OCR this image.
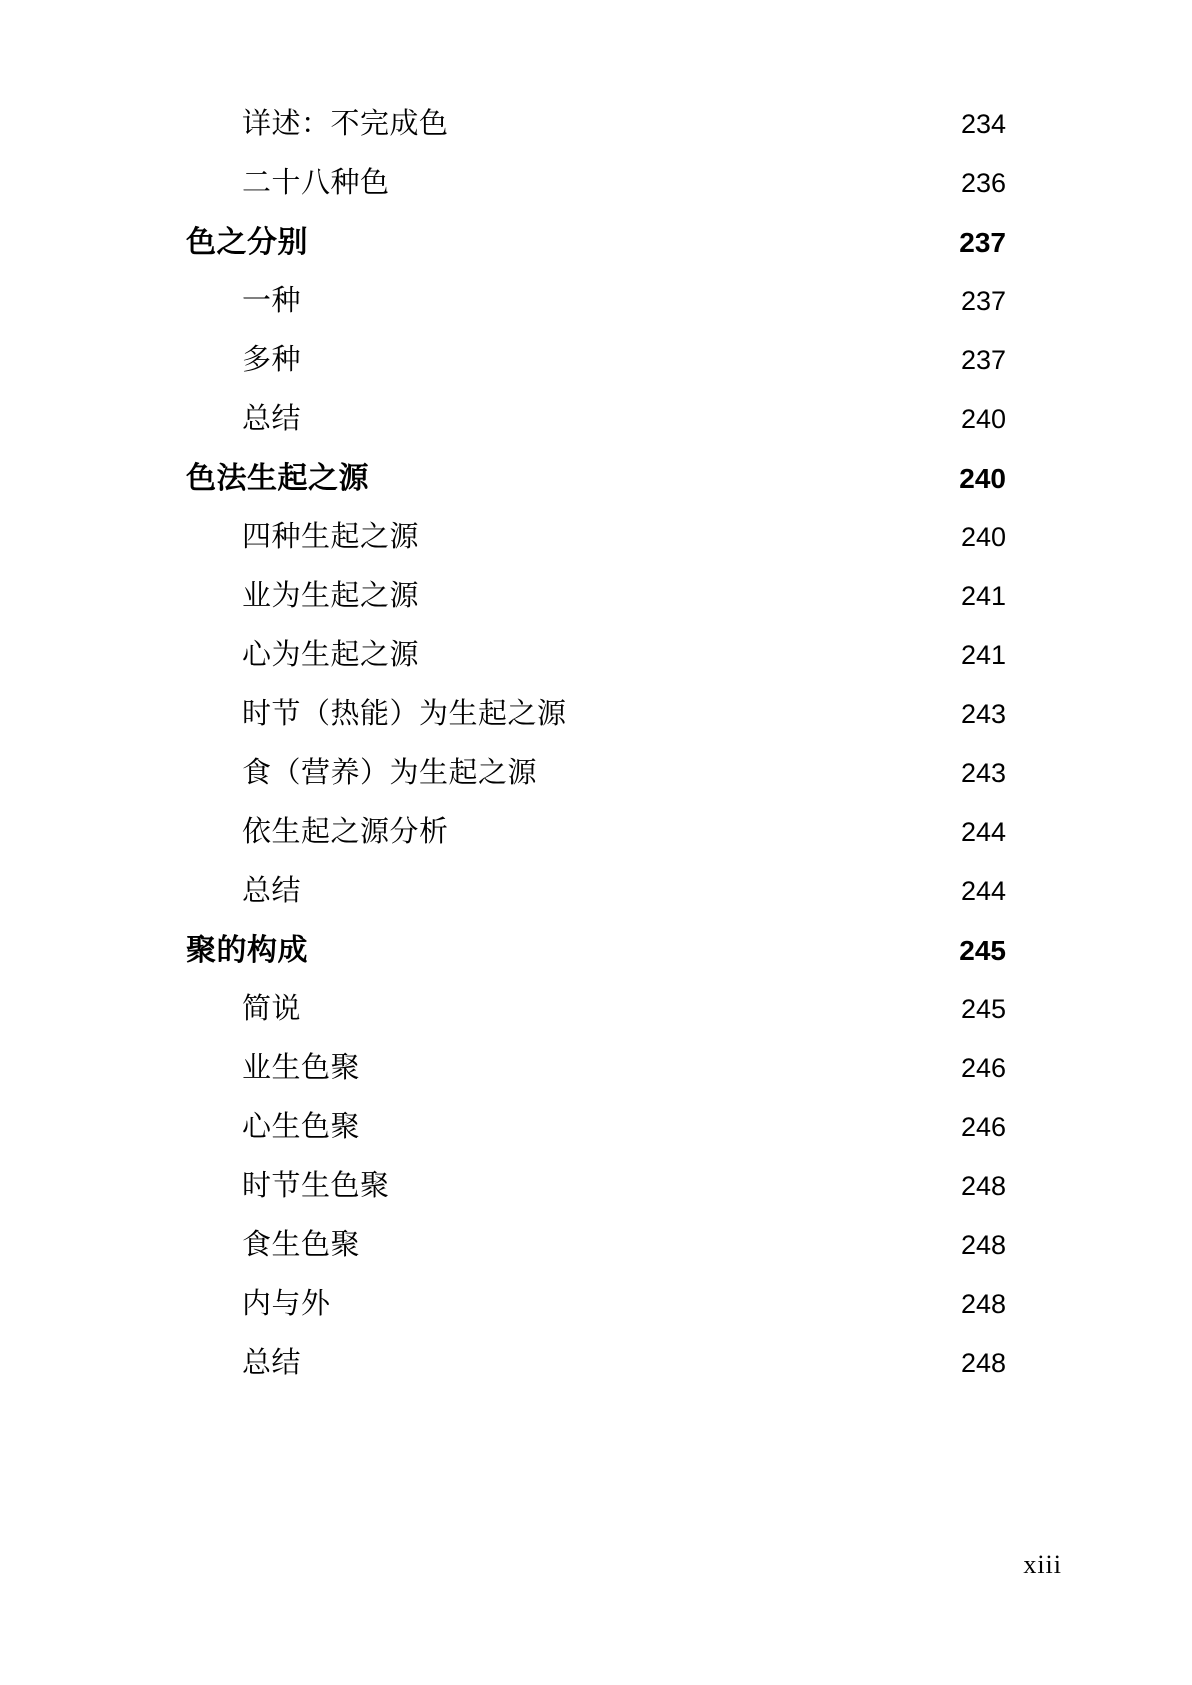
详述：不完成色	234
二十八种色	236
色之分别	237
一种	237
多种	237
总结	240
色法生起之源	240
四种生起之源	240
业为生起之源	241
心为生起之源	241
时节（热能）为生起之源	243
食（营养）为生起之源	243
依生起之源分析	244
总结	244
聚的构成	245
简说	245
业生色聚	246
心生色聚	246
时节生色聚	248
食生色聚	248
内与外	248
总结	248
xiii
